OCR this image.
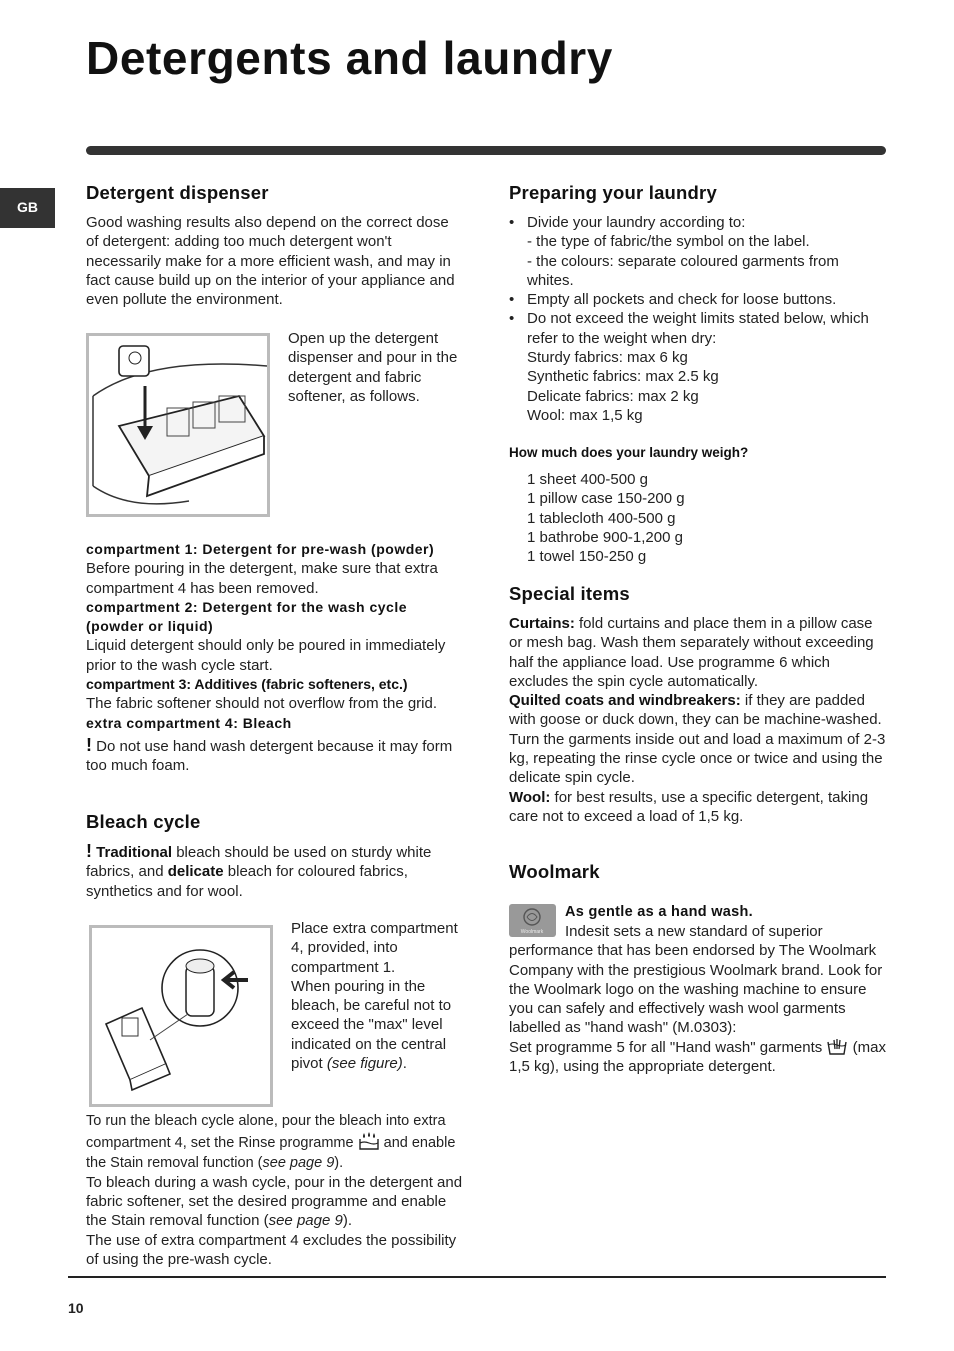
Detergents and laundry
GB
Detergent dispenser

Good washing results also depend on the correct dose of detergent: adding too much detergent won't necessarily make for a more efficient wash, and may in fact cause build up on the interior of your appliance and even pollute the environment.

Open up the detergent dispenser and pour in the detergent and fabric softener, as follows.

compartment 1: Detergent for pre-wash (powder)

Before pouring in the detergent, make sure that extra compartment 4 has been removed.

compartment 2: Detergent for the wash cycle (powder or liquid)

Liquid detergent should only be poured in immediately prior to the wash cycle start.

compartment 3: Additives (fabric softeners, etc.)

The fabric softener should not overflow from the grid.

extra compartment 4: Bleach

! Do not use hand wash detergent because it may form too much foam.

Bleach cycle

! Traditional bleach should be used on sturdy white fabrics, and delicate bleach for coloured fabrics, synthetics and for wool.

Place extra compartment 4, provided, into compartment 1.

When pouring in the bleach, be careful not to exceed the "max" level indicated on the central pivot (see figure).

To run the bleach cycle alone, pour the bleach into extra compartment 4, set the Rinse programme and enable the Stain removal function (see page 9).

To bleach during a wash cycle, pour in the detergent and fabric softener, set the desired programme and enable the Stain removal function (see page 9).

The use of extra compartment 4 excludes the possibility of using the pre-wash cycle.

Preparing your laundry
• Divide your laundry according to:
- the type of fabric/the symbol on the label.
- the colours: separate coloured garments from whites.
• Empty all pockets and check for loose buttons.
• Do not exceed the weight limits stated below, which refer to the weight when dry:
Sturdy fabrics: max 6 kg
Synthetic fabrics: max 2.5 kg
Delicate fabrics: max 2 kg
Wool: max 1,5 kg

How much does your laundry weigh?

1 sheet 400-500 g
1 pillow case 150-200 g
1 tablecloth 400-500 g
1 bathrobe 900-1,200 g
1 towel 150-250 g
Special items

Curtains: fold curtains and place them in a pillow case or mesh bag. Wash them separately without exceeding half the appliance load. Use programme 6 which excludes the spin cycle automatically.

Quilted coats and windbreakers: if they are padded with goose or duck down, they can be machine-washed. Turn the garments inside out and load a maximum of 2-3 kg, repeating the rinse cycle once or twice and using the delicate spin cycle.

Wool: for best results, use a specific detergent, taking care not to exceed a load of 1,5 kg.

Woolmark
Woolmark

As gentle as a hand wash.

Indesit sets a new standard of superior performance that has been endorsed by The Woolmark Company with the prestigious Woolmark brand. Look for the Woolmark logo on the washing machine to ensure you can safely and effectively wash wool garments labelled as "hand wash" (M.0303):

Set programme 5 for all "Hand wash" garments (max 1,5 kg), using the appropriate detergent.

10
